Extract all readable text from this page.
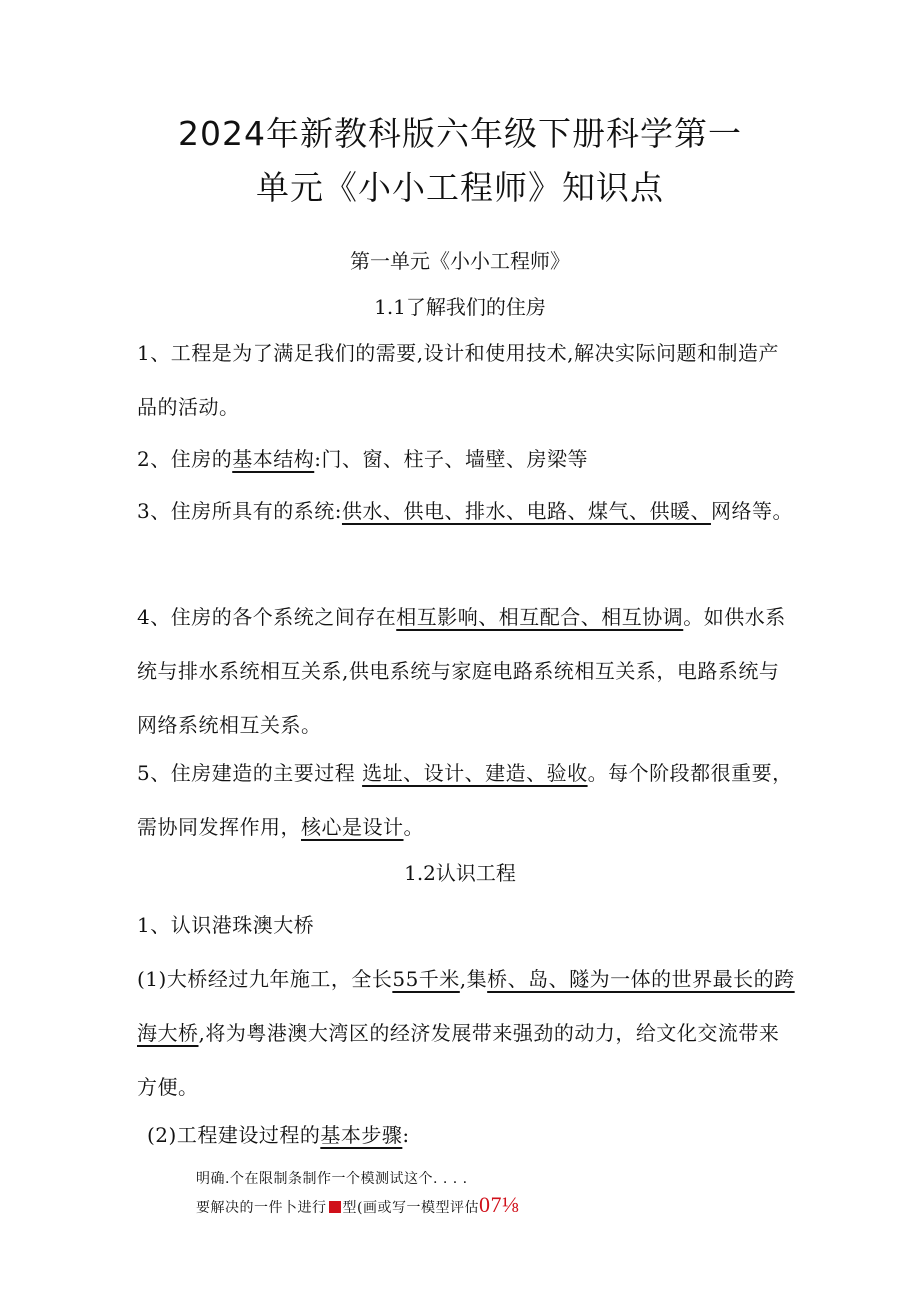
2024年新教科版六年级下册科学第一
单元《小小工程师》知识点
第一单元《小小工程师》
1.1了解我们的住房
1、工程是为了满足我们的需要,设计和使用技术,解决实际问题和制造产品的活动。
2、住房的基本结构:门、窗、柱子、墙壁、房梁等
3、住房所具有的系统:供水、供电、排水、电路、煤气、供暖、网络等。
4、住房的各个系统之间存在相互影响、相互配合、相互协调。如供水系统与排水系统相互关系,供电系统与家庭电路系统相互关系，电路系统与网络系统相互关系。
5、住房建造的主要过程 选址、设计、建造、验收。每个阶段都很重要，需协同发挥作用，核心是设计。
1.2认识工程
1、认识港珠澳大桥
(1)大桥经过九年施工，全长55千米,集桥、岛、隧为一体的世界最长的跨海大桥,将为粤港澳大湾区的经济发展带来强劲的动力，给文化交流带来方便。
(2)工程建设过程的基本步骤:
明确.个在限制条制作一个模测试这个. . . .
要解决的一件卜进行 型(画或写一模型评估07⅛
